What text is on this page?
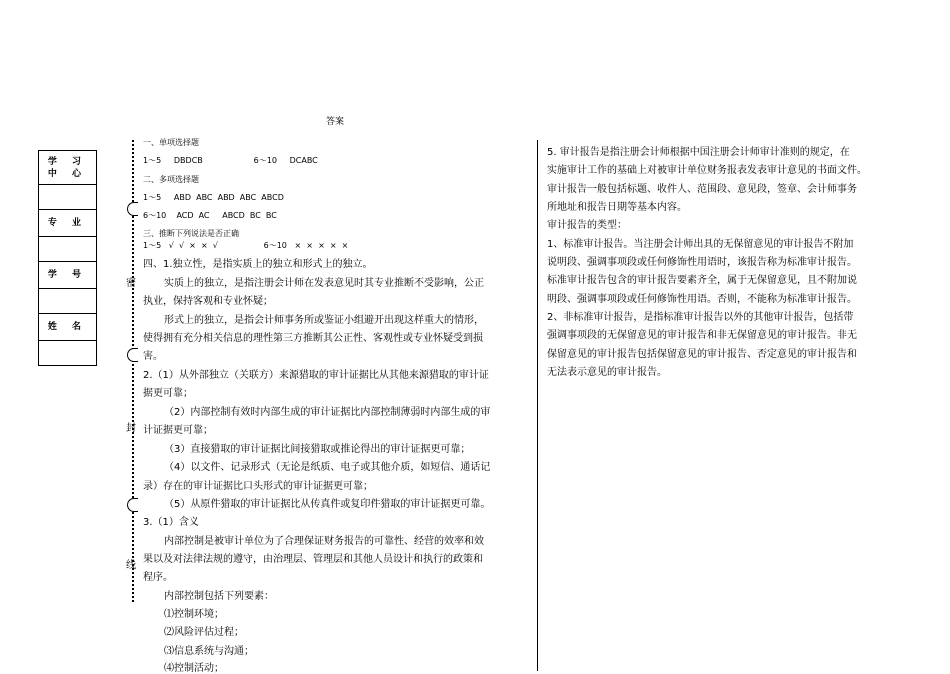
答案
学 习
中 心

专 业

学 号

姓 名

密
封
线
一、单项选择题
1～5     DBDCB                    6～10     DCABC
二、多项选择题
1～5     ABD  ABC  ABD  ABC  ABCD
6～10    ACD  AC     ABCD  BC  BC
三、推断下列说法是否正确
1～5   √  √  ×  ×  √                  6～10   ×  ×  ×  ×  ×
四、1.独立性，是指实质上的独立和形式上的独立。
实质上的独立，是指注册会计师在发表意见时其专业推断不受影响，公正
执业，保持客观和专业怀疑；
形式上的独立，是指会计师事务所或鉴证小组避开出现这样重大的情形，
使得拥有充分相关信息的理性第三方推断其公正性、客观性或专业怀疑受到损
害。
2.（1）从外部独立（关联方）来源猎取的审计证据比从其他来源猎取的审计证
据更可靠；
（2）内部控制有效时内部生成的审计证据比内部控制薄弱时内部生成的审
计证据更可靠；
（3）直接猎取的审计证据比间接猎取或推论得出的审计证据更可靠；
（4）以文件、记录形式（无论是纸质、电子或其他介质，如短信、通话记
录）存在的审计证据比口头形式的审计证据更可靠；
（5）从原件猎取的审计证据比从传真件或复印件猎取的审计证据更可靠。
3.（1）含义
内部控制是被审计单位为了合理保证财务报告的可靠性、经营的效率和效
果以及对法律法规的遵守，由治理层、管理层和其他人员设计和执行的政策和
程序。
内部控制包括下列要素：
⑴控制环境；
⑵风险评估过程；
⑶信息系统与沟通；
⑷控制活动；
5. 审计报告是指注册会计师根据中国注册会计师审计准则的规定，在
实施审计工作的基础上对被审计单位财务报表发表审计意见的书面文件。
审计报告一般包括标题、收件人、范围段、意见段，签章、会计师事务
所地址和报告日期等基本内容。
审计报告的类型：
1、标准审计报告。当注册会计师出具的无保留意见的审计报告不附加
说明段、强调事项段或任何修饰性用语时，该报告称为标准审计报告。
标准审计报告包含的审计报告要素齐全，属于无保留意见，且不附加说
明段、强调事项段或任何修饰性用语。否则，不能称为标准审计报告。
2、非标准审计报告，是指标准审计报告以外的其他审计报告，包括带
强调事项段的无保留意见的审计报告和非无保留意见的审计报告。非无
保留意见的审计报告包括保留意见的审计报告、否定意见的审计报告和
无法表示意见的审计报告。
